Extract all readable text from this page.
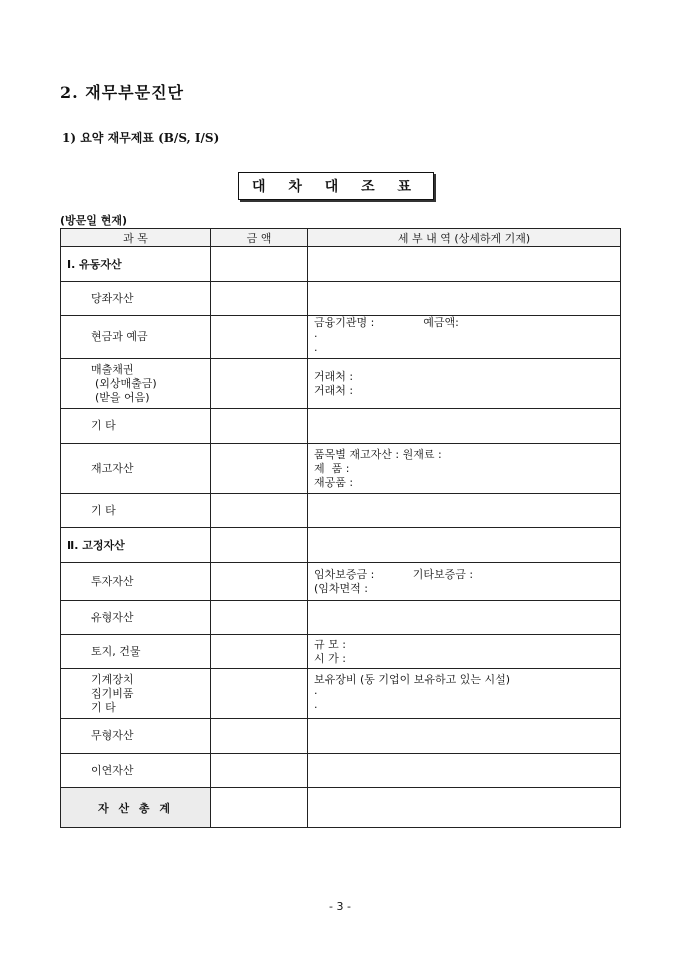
2. 재무부문진단
1) 요약 재무제표 (B/S, I/S)
대 차 대 조 표
(방문일 현재)
과 목	금 액	세 부 내 역 (상세하게 기재)
Ⅰ. 유동자산		

당좌자산		

현금과 예금		금융기관명 :              예금액:
·
·

매출채권
(외상매출금)
(받을 어음)		거래처 :
거래처 :

기 타		

재고자산		품목별 재고자산 : 원재료 :
제  품 :
재공품 :

기 타		

Ⅱ. 고정자산		

투자자산		임차보증금 :           기타보증금 :
(임차면적 :

유형자산		

토지, 건물		규 모 :
시 가 :

기계장치
집기비품
기 타		보유장비 (동 기업이 보유하고 있는 시설)
·
·

무형자산		

이연자산		

자 산 총 계		
- 3 -
